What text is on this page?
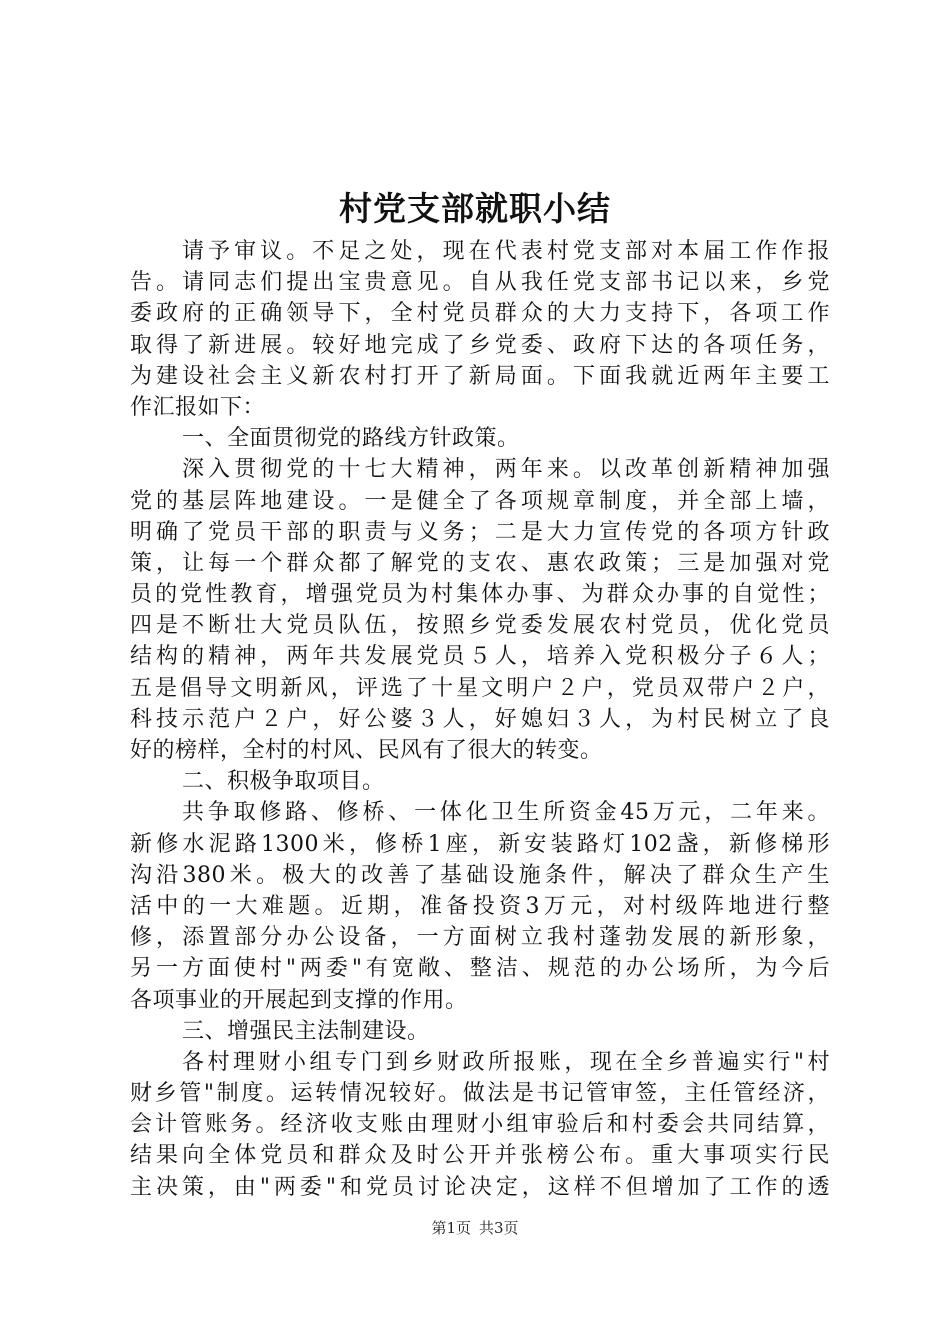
村党支部就职小结
请予审议。不足之处，现在代表村党支部对本届工作作报
告。请同志们提出宝贵意见。自从我任党支部书记以来，乡党
委政府的正确领导下，全村党员群众的大力支持下，各项工作
取得了新进展。较好地完成了乡党委、政府下达的各项任务，
为建设社会主义新农村打开了新局面。下面我就近两年主要工
作汇报如下：
一、全面贯彻党的路线方针政策。
深入贯彻党的十七大精神，两年来。以改革创新精神加强
党的基层阵地建设。一是健全了各项规章制度，并全部上墙，
明确了党员干部的职责与义务；二是大力宣传党的各项方针政
策，让每一个群众都了解党的支农、惠农政策；三是加强对党
员的党性教育，增强党员为村集体办事、为群众办事的自觉性；
四是不断壮大党员队伍，按照乡党委发展农村党员，优化党员
结构的精神，两年共发展党员５人，培养入党积极分子６人；
五是倡导文明新风，评选了十星文明户２户，党员双带户２户，
科技示范户２户，好公婆３人，好媳妇３人，为村民树立了良
好的榜样，全村的村风、民风有了很大的转变。
二、积极争取项目。
共争取修路、修桥、一体化卫生所资金45万元，二年来。
新修水泥路1300米，修桥1座，新安装路灯102盏，新修梯形
沟沿380米。极大的改善了基础设施条件，解决了群众生产生
活中的一大难题。近期，准备投资3万元，对村级阵地进行整
修，添置部分办公设备，一方面树立我村蓬勃发展的新形象，
另一方面使村"两委"有宽敞、整洁、规范的办公场所，为今后
各项事业的开展起到支撑的作用。
三、增强民主法制建设。
各村理财小组专门到乡财政所报账，现在全乡普遍实行"村
财乡管"制度。运转情况较好。做法是书记管审签，主任管经济，
会计管账务。经济收支账由理财小组审验后和村委会共同结算，
结果向全体党员和群众及时公开并张榜公布。重大事项实行民
主决策，由"两委"和党员讨论决定，这样不但增加了工作的透
第1页 共3页
